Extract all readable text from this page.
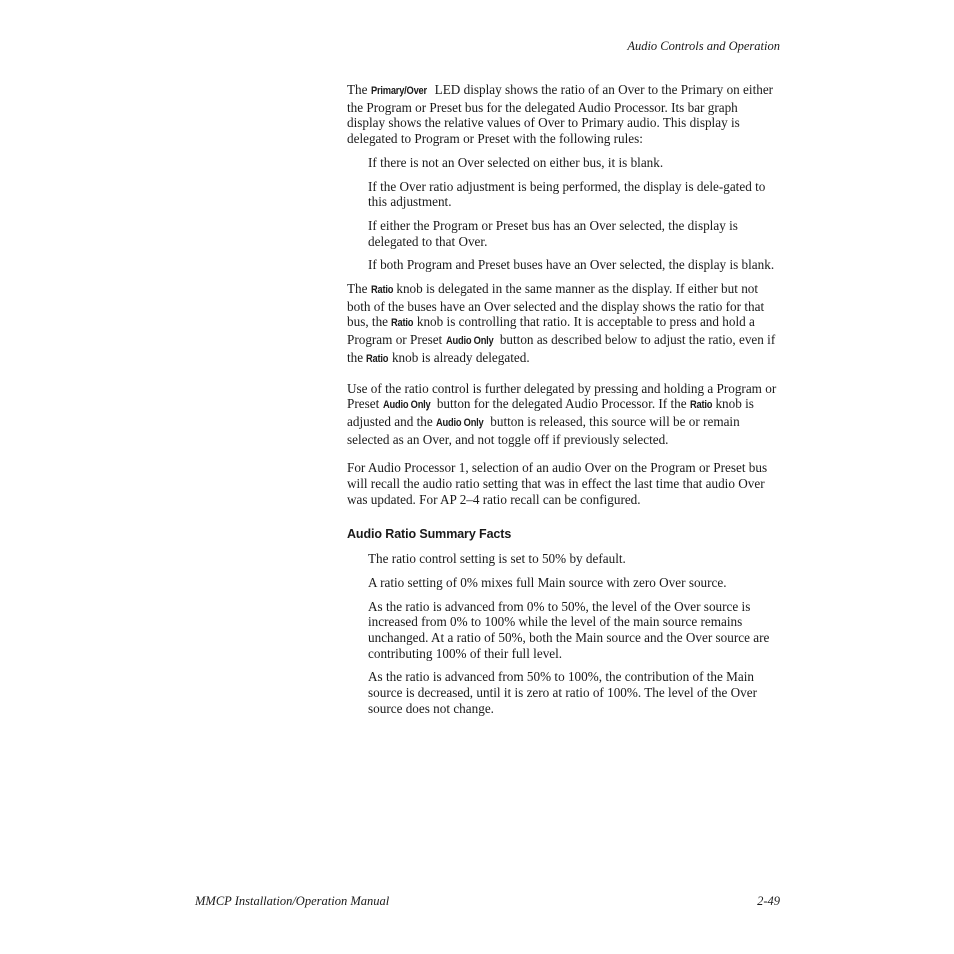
Audio Controls and Operation

The Primary/Over LED display shows the ratio of an Over to the Primary on either the Program or Preset bus for the delegated Audio Processor. Its bar graph display shows the relative values of Over to Primary audio. This display is delegated to Program or Preset with the following rules:

If there is not an Over selected on either bus, it is blank.

If the Over ratio adjustment is being performed, the display is dele-gated to this adjustment.

If either the Program or Preset bus has an Over selected, the display is delegated to that Over.

If both Program and Preset buses have an Over selected, the display is blank.

The Ratio knob is delegated in the same manner as the display. If either but not both of the buses have an Over selected and the display shows the ratio for that bus, the Ratio knob is controlling that ratio. It is acceptable to press and hold a Program or Preset Audio Only button as described below to adjust the ratio, even if the Ratio knob is already delegated.

Use of the ratio control is further delegated by pressing and holding a Program or Preset Audio Only button for the delegated Audio Processor. If the Ratio knob is adjusted and the Audio Only button is released, this source will be or remain selected as an Over, and not toggle off if previously selected.

For Audio Processor 1, selection of an audio Over on the Program or Preset bus will recall the audio ratio setting that was in effect the last time that audio Over was updated. For AP 2–4 ratio recall can be configured.

Audio Ratio Summary Facts

The ratio control setting is set to 50% by default.

A ratio setting of 0% mixes full Main source with zero Over source.

As the ratio is advanced from 0% to 50%, the level of the Over source is increased from 0% to 100% while the level of the main source remains unchanged. At a ratio of 50%, both the Main source and the Over source are contributing 100% of their full level.

As the ratio is advanced from 50% to 100%, the contribution of the Main source is decreased, until it is zero at ratio of 100%. The level of the Over source does not change.

MMCP Installation/Operation Manual	2-49
